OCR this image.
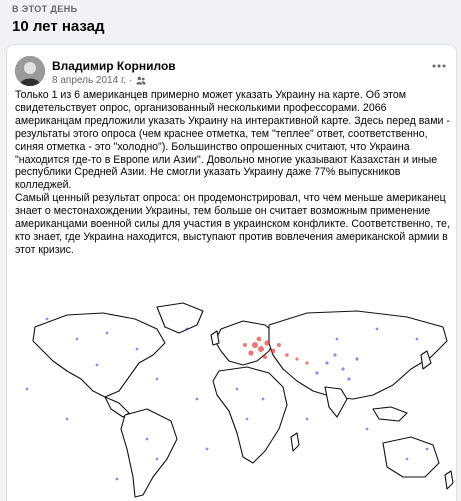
В ЭТОТ ДЕНЬ
10 лет назад
Владимир Корнилов
8 апрель 2014 г. ·

Только 1 из 6 американцев примерно может указать Украину на карте. Об этом свидетельствует опрос, организованный несколькими профессорами. 2066 американцам предложили указать Украину на интерактивной карте. Здесь перед вами - результаты этого опроса (чем краснее отметка, тем "теплее" ответ, соответственно, синяя отметка - это "холодно"). Большинство опрошенных считают, что Украина "находится где-то в Европе или Азии". Довольно многие указывают Казахстан и иные республики Средней Азии. Не смогли указать Украину даже 77% выпускников колледжей.

Самый ценный результат опроса: он продемонстрировал, что чем меньше американец знает о местонахождении Украины, тем больше он считает возможным применение американцами военной силы для участия в украинском конфликте. Соответственно, те, кто знает, где Украина находится, выступают против вовлечения американской армии в этот кризис.
